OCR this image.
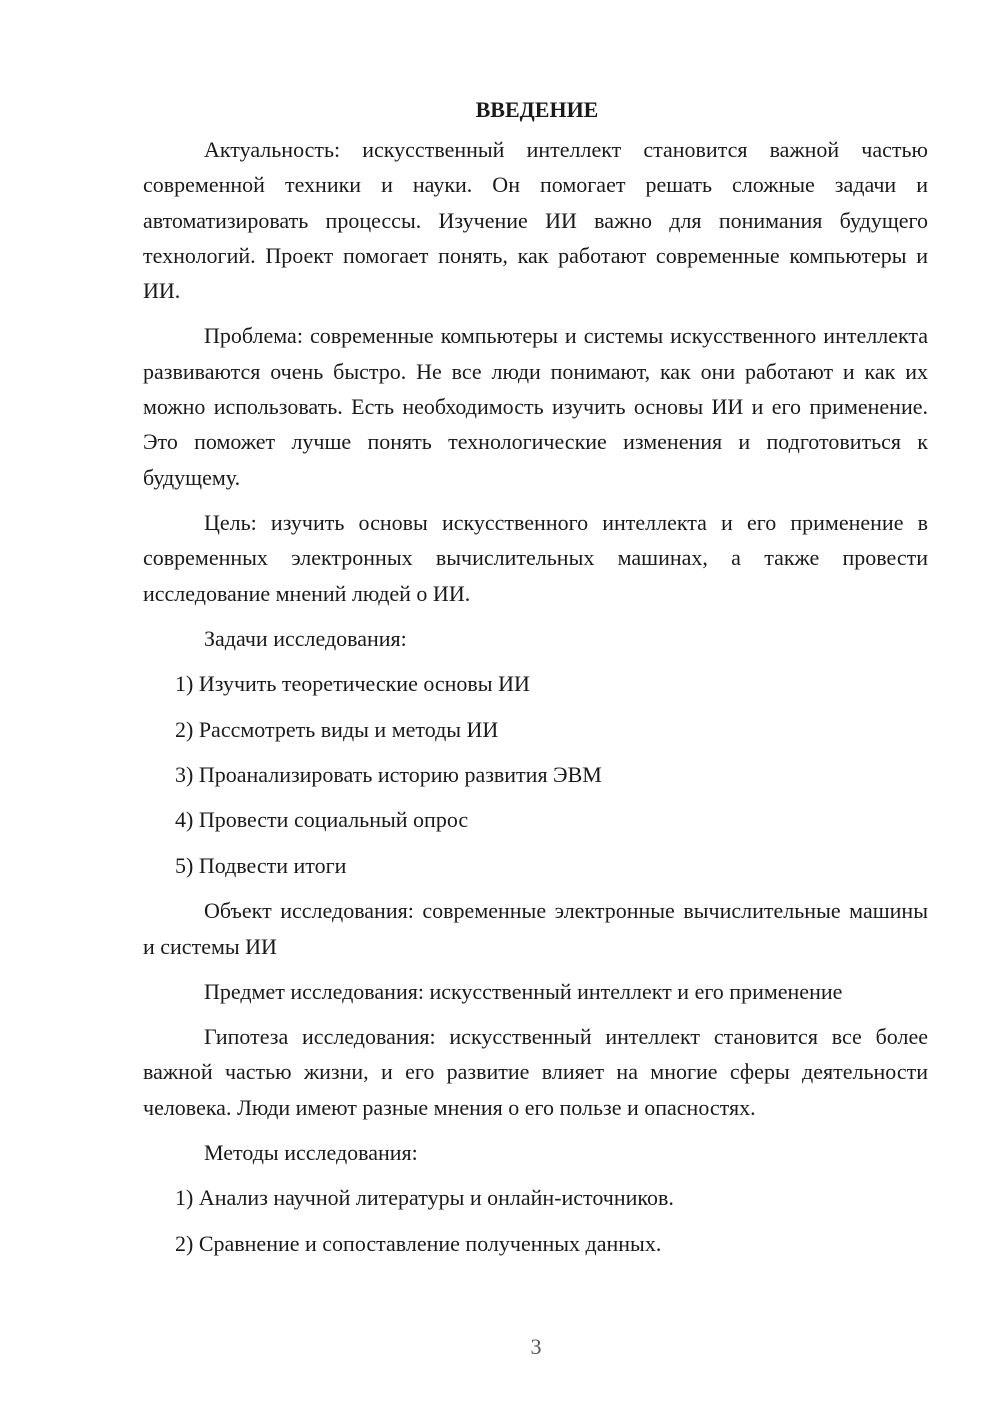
ВВЕДЕНИЕ

Актуальность: искусственный интеллект становится важной частью современной техники и науки. Он помогает решать сложные задачи и автоматизировать процессы. Изучение ИИ важно для понимания будущего технологий. Проект помогает понять, как работают современные компьютеры и ИИ.

Проблема: современные компьютеры и системы искусственного интеллекта развиваются очень быстро. Не все люди понимают, как они работают и как их можно использовать. Есть необходимость изучить основы ИИ и его применение. Это поможет лучше понять технологические изменения и подготовиться к будущему.

Цель: изучить основы искусственного интеллекта и его применение в современных электронных вычислительных машинах, а также провести исследование мнений людей о ИИ.

Задачи исследования:
1) Изучить теоретические основы ИИ
2) Рассмотреть виды и методы ИИ
3) Проанализировать историю развития ЭВМ
4) Провести социальный опрос
5) Подвести итоги

Объект исследования: современные электронные вычислительные машины и системы ИИ

Предмет исследования: искусственный интеллект и его применение

Гипотеза исследования: искусственный интеллект становится все более важной частью жизни, и его развитие влияет на многие сферы деятельности человека. Люди имеют разные мнения о его пользе и опасностях.

Методы исследования:
1) Анализ научной литературы и онлайн-источников.
2) Сравнение и сопоставление полученных данных.
3
